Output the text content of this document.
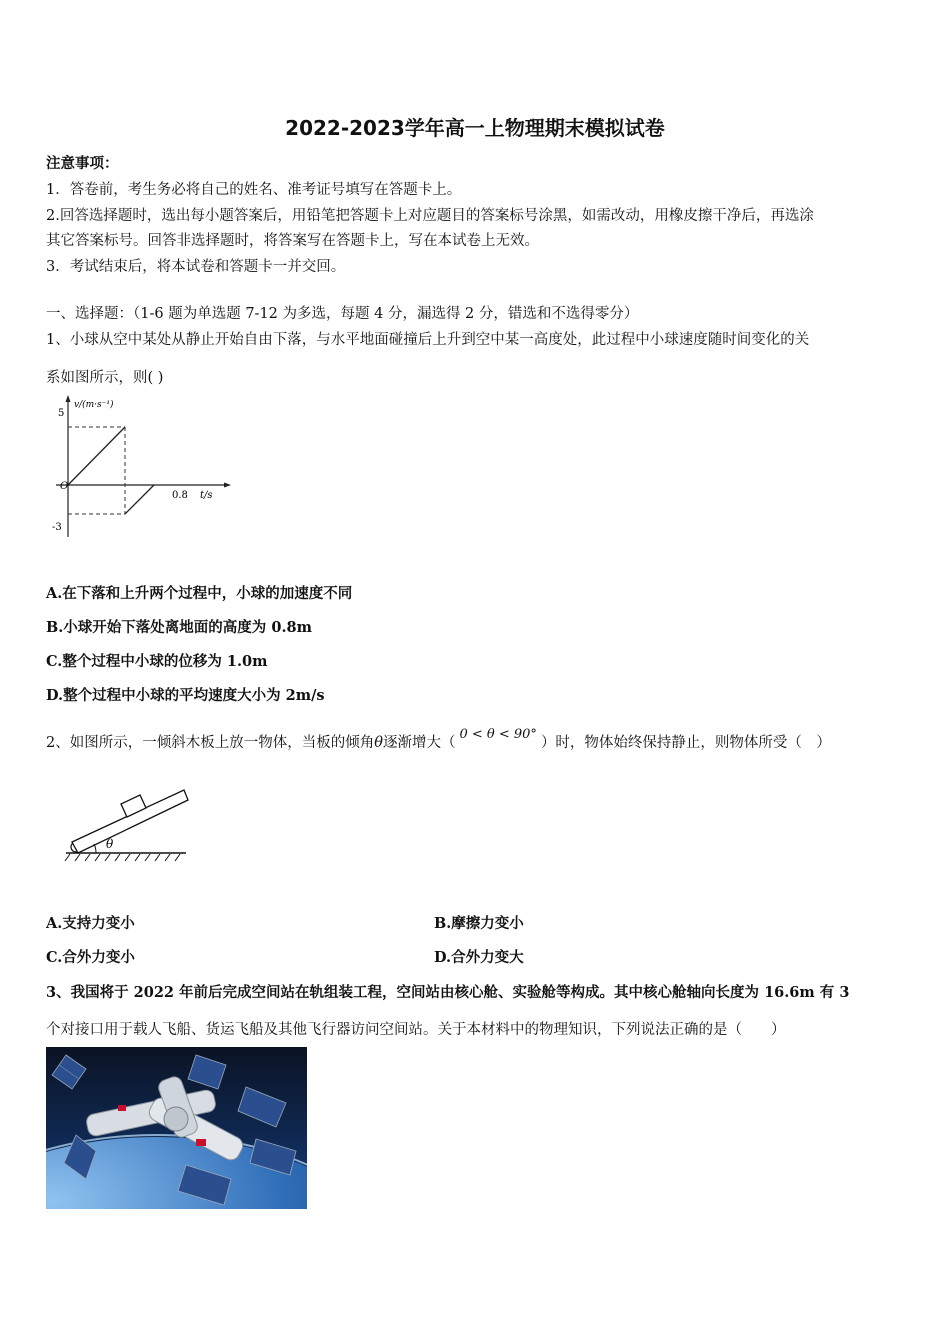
2022-2023学年高一上物理期末模拟试卷
注意事项：
1．答卷前，考生务必将自己的姓名、准考证号填写在答题卡上。
2.回答选择题时，选出每小题答案后，用铅笔把答题卡上对应题目的答案标号涂黑，如需改动，用橡皮擦干净后，再选涂
其它答案标号。回答非选择题时，将答案写在答题卡上，写在本试卷上无效。
3．考试结束后，将本试卷和答题卡一并交回。
一、选择题：（1-6 题为单选题 7-12 为多选，每题 4 分，漏选得 2 分，错选和不选得零分）
1、小球从空中某处从静止开始自由下落，与水平地面碰撞后上升到空中某一高度处，此过程中小球速度随时间变化的关
系如图所示，则( )
v/(m·s⁻¹)
5
O
-3
0.8 t/s
A.在下落和上升两个过程中，小球的加速度不同
B.小球开始下落处离地面的高度为 0.8m
C.整个过程中小球的位移为 1.0m
D.整个过程中小球的平均速度大小为 2m/s
2、如图所示，一倾斜木板上放一物体，当板的倾角θ逐渐增大（0 < θ < 90°）时，物体始终保持静止，则物体所受（　）
θ
A.支持力变小	B.摩擦力变小
C.合外力变小	D.合外力变大
3、我国将于 2022 年前后完成空间站在轨组装工程，空间站由核心舱、实验舱等构成。其中核心舱轴向长度为 16.6m 有 3
个对接口用于载人飞船、货运飞船及其他飞行器访问空间站。关于本材料中的物理知识，下列说法正确的是（　　）
